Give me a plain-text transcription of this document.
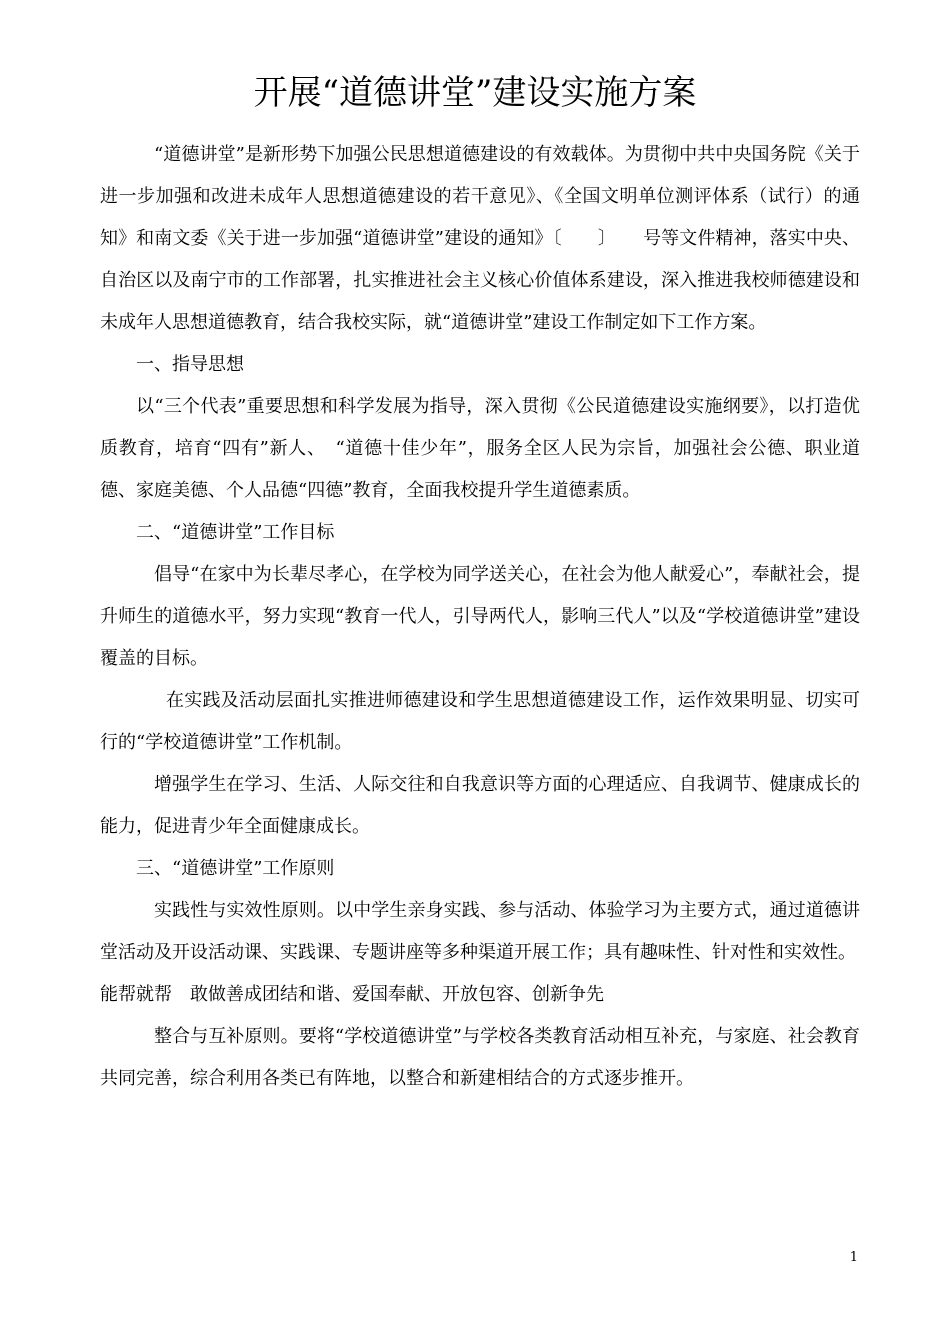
开展“道德讲堂”建设实施方案

“道德讲堂”是新形势下加强公民思想道德建设的有效载体。为贯彻中共中央国务院《关于进一步加强和改进未成年人思想道德建设的若干意见》、《全国文明单位测评体系（试行）的通知》和南文委《关于进一步加强“道德讲堂”建设的通知》〔　　〕　　号等文件精神，落实中央、自治区以及南宁市的工作部署，扎实推进社会主义核心价值体系建设，深入推进我校师德建设和未成年人思想道德教育，结合我校实际，就“道德讲堂”建设工作制定如下工作方案。

一、指导思想

以“三个代表”重要思想和科学发展为指导，深入贯彻《公民道德建设实施纲要》，以打造优质教育，培育“四有”新人、　“道德十佳少年”，服务全区人民为宗旨，加强社会公德、职业道德、家庭美德、个人品德“四德”教育，全面我校提升学生道德素质。

二、“道德讲堂”工作目标

倡导“在家中为长辈尽孝心，在学校为同学送关心，在社会为他人献爱心”，奉献社会，提升师生的道德水平，努力实现“教育一代人，引导两代人，影响三代人”以及“学校道德讲堂”建设覆盖的目标。

在实践及活动层面扎实推进师德建设和学生思想道德建设工作，运作效果明显、切实可行的“学校道德讲堂”工作机制。

增强学生在学习、生活、人际交往和自我意识等方面的心理适应、自我调节、健康成长的能力，促进青少年全面健康成长。

三、“道德讲堂”工作原则

实践性与实效性原则。以中学生亲身实践、参与活动、体验学习为主要方式，通过道德讲堂活动及开设活动课、实践课、专题讲座等多种渠道开展工作；具有趣味性、针对性和实效性。

能帮就帮　敢做善成团结和谐、爱国奉献、开放包容、创新争先

整合与互补原则。要将“学校道德讲堂”与学校各类教育活动相互补充，与家庭、社会教育共同完善，综合利用各类已有阵地，以整合和新建相结合的方式逐步推开。

1
